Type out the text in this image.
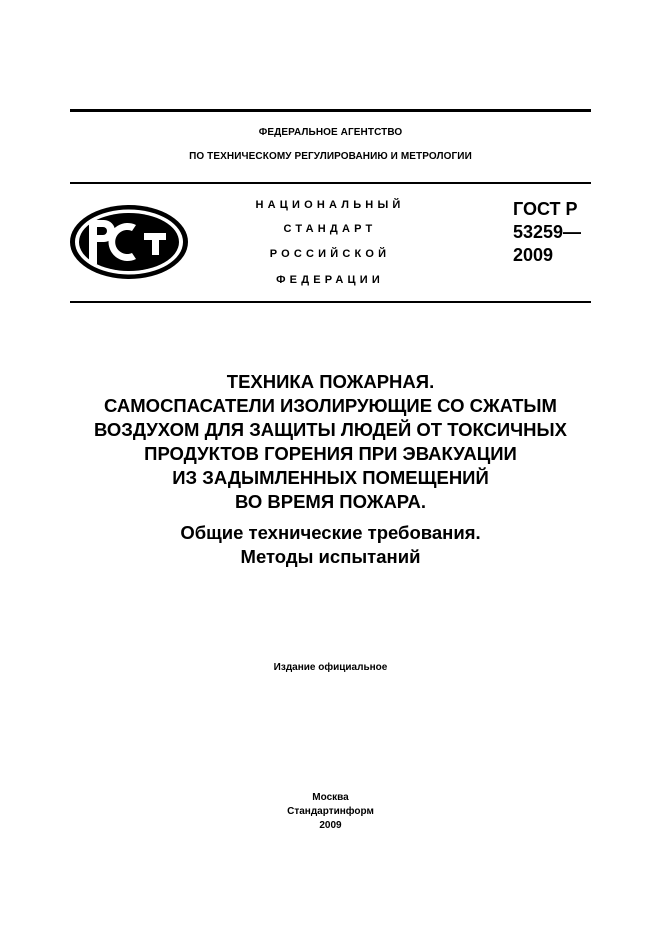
ФЕДЕРАЛЬНОЕ АГЕНТСТВО
ПО ТЕХНИЧЕСКОМУ РЕГУЛИРОВАНИЮ И МЕТРОЛОГИИ
НАЦИОНАЛЬНЫЙ
СТАНДАРТ
РОССИЙСКОЙ
ФЕДЕРАЦИИ
ГОСТ Р
53259—
2009
ТЕХНИКА ПОЖАРНАЯ.
САМОСПАСАТЕЛИ ИЗОЛИРУЮЩИЕ СО СЖАТЫМ
ВОЗДУХОМ ДЛЯ ЗАЩИТЫ ЛЮДЕЙ ОТ ТОКСИЧНЫХ
ПРОДУКТОВ ГОРЕНИЯ ПРИ ЭВАКУАЦИИ
ИЗ ЗАДЫМЛЕННЫХ ПОМЕЩЕНИЙ
ВО ВРЕМЯ ПОЖАРА.
Общие технические требования.
Методы испытаний
Издание официальное
Москва
Стандартинформ
2009
